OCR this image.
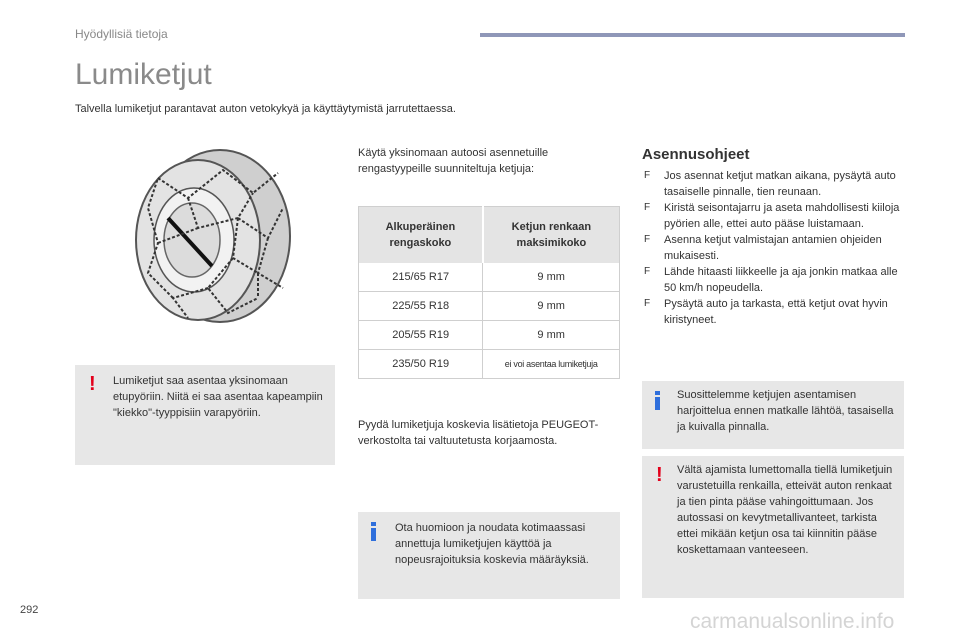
Hyödyllisiä tietoja
Lumiketjut
Talvella lumiketjut parantavat auton vetokykyä ja käyttäytymistä jarrutettaessa.
! Lumiketjut saa asentaa yksinomaan etupyöriin. Niitä ei saa asentaa kapeampiin "kiekko"-tyyppisiin varapyöriin.
Käytä yksinomaan autoosi asennetuille rengastyypeille suunniteltuja ketjuja:
Alkuperäinen rengaskoko	Ketjun renkaan maksimikoko
215/65 R17	9 mm
225/55 R18	9 mm
205/55 R19	9 mm
235/50 R19	ei voi asentaa lumiketjuja
Pyydä lumiketjuja koskevia lisätietoja PEUGEOT-verkostolta tai valtuutetusta korjaamosta.
Ota huomioon ja noudata kotimaassasi annettuja lumiketjujen käyttöä ja nopeusrajoituksia koskevia määräyksiä.
Asennusohjeet
F Jos asennat ketjut matkan aikana, pysäytä auto tasaiselle pinnalle, tien reunaan.
F Kiristä seisontajarru ja aseta mahdollisesti kiiloja pyörien alle, ettei auto pääse luistamaan.
F Asenna ketjut valmistajan antamien ohjeiden mukaisesti.
F Lähde hitaasti liikkeelle ja aja jonkin matkaa alle 50 km/h nopeudella.
F Pysäytä auto ja tarkasta, että ketjut ovat hyvin kiristyneet.
Suosittelemme ketjujen asentamisen harjoittelua ennen matkalle lähtöä, tasaisella ja kuivalla pinnalla.
! Vältä ajamista lumettomalla tiellä lumiketjuin varustetuilla renkailla, etteivät auton renkaat ja tien pinta pääse vahingoittumaan. Jos autossasi on kevytmetallivanteet, tarkista ettei mikään ketjun osa tai kiinnitin pääse koskettamaan vanteeseen.
292	carmanualsonline.info
